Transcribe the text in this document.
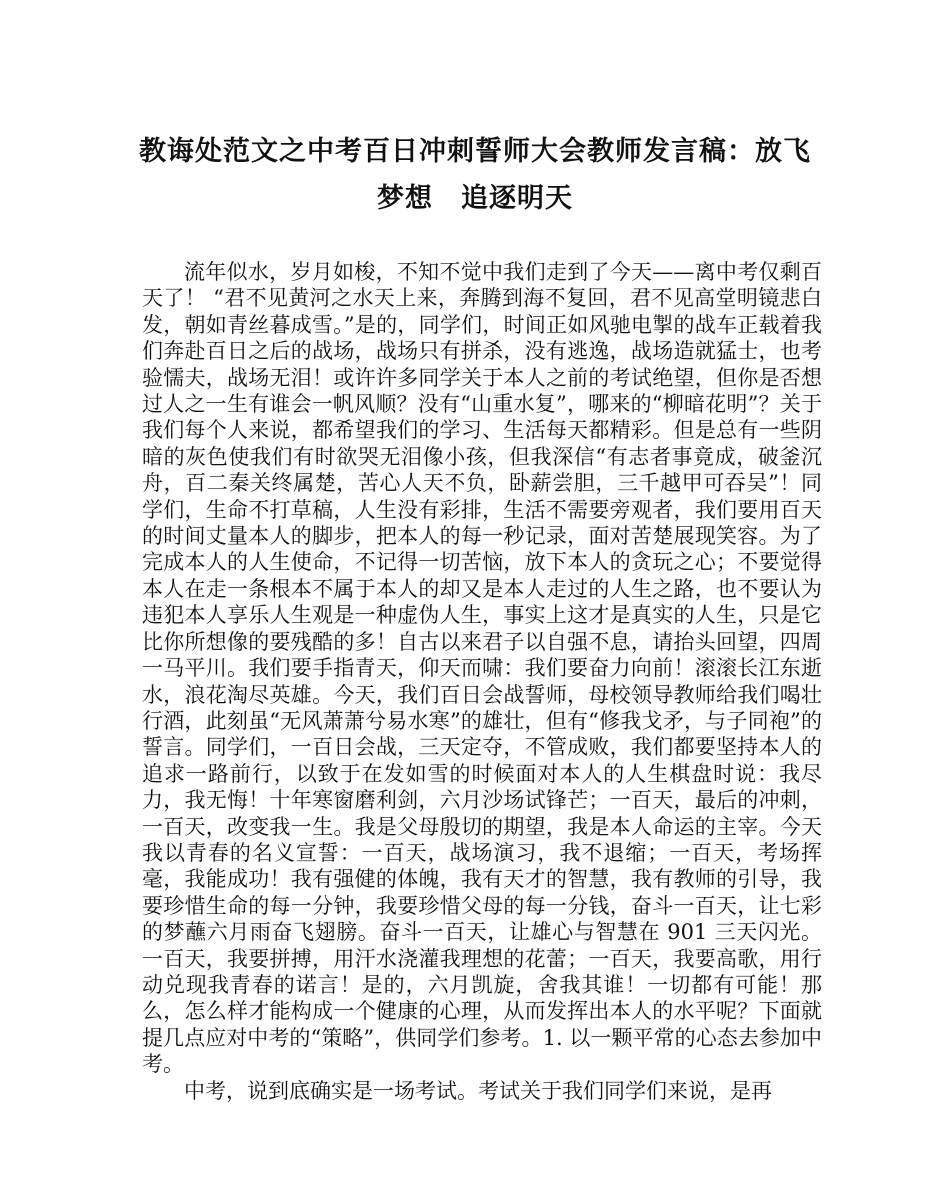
教诲处范文之中考百日冲刺誓师大会教师发言稿：放飞
梦想　追逐明天

流年似水，岁月如梭，不知不觉中我们走到了今天——离中考仅剩百天了！ “君不见黄河之水天上来，奔腾到海不复回，君不见高堂明镜悲白发，朝如青丝暮成雪。”是的，同学们，时间正如风驰电掣的战车正载着我们奔赴百日之后的战场，战场只有拼杀，没有逃逸，战场造就猛士，也考验懦夫，战场无泪！或许许多同学关于本人之前的考试绝望，但你是否想过人之一生有谁会一帆风顺？没有“山重水复”，哪来的“柳暗花明”？关于我们每个人来说，都希望我们的学习、生活每天都精彩。但是总有一些阴暗的灰色使我们有时欲哭无泪像小孩，但我深信“有志者事竟成，破釜沉舟，百二秦关终属楚，苦心人天不负，卧薪尝胆，三千越甲可吞吴”！同学们，生命不打草稿，人生没有彩排，生活不需要旁观者，我们要用百天的时间丈量本人的脚步，把本人的每一秒记录，面对苦楚展现笑容。为了完成本人的人生使命，不记得一切苦恼，放下本人的贪玩之心；不要觉得本人在走一条根本不属于本人的却又是本人走过的人生之路，也不要认为违犯本人享乐人生观是一种虚伪人生，事实上这才是真实的人生，只是它比你所想像的要残酷的多！自古以来君子以自强不息，请抬头回望，四周一马平川。我们要手指青天，仰天而啸：我们要奋力向前！滚滚长江东逝水，浪花淘尽英雄。今天，我们百日会战誓师，母校领导教师给我们喝壮行酒，此刻虽“无风萧萧兮易水寒”的雄壮，但有“修我戈矛，与子同袍”的誓言。同学们，一百日会战，三天定夺，不管成败，我们都要坚持本人的追求一路前行，以致于在发如雪的时候面对本人的人生棋盘时说：我尽力，我无悔！十年寒窗磨利剑，六月沙场试锋芒；一百天，最后的冲刺，一百天，改变我一生。我是父母殷切的期望，我是本人命运的主宰。今天我以青春的名义宣誓：一百天，战场演习，我不退缩；一百天，考场挥毫，我能成功！我有强健的体魄，我有天才的智慧，我有教师的引导，我要珍惜生命的每一分钟，我要珍惜父母的每一分钱，奋斗一百天，让七彩的梦蘸六月雨奋飞翅膀。奋斗一百天，让雄心与智慧在 901 三天闪光。一百天，我要拼搏，用汗水浇灌我理想的花蕾；一百天，我要高歌，用行动兑现我青春的诺言！是的，六月凯旋，舍我其谁！一切都有可能！那么，怎么样才能构成一个健康的心理，从而发挥出本人的水平呢？下面就提几点应对中考的“策略”，供同学们参考。1. 以一颗平常的心态去参加中考。

中考，说到底确实是一场考试。考试关于我们同学们来说，是再
